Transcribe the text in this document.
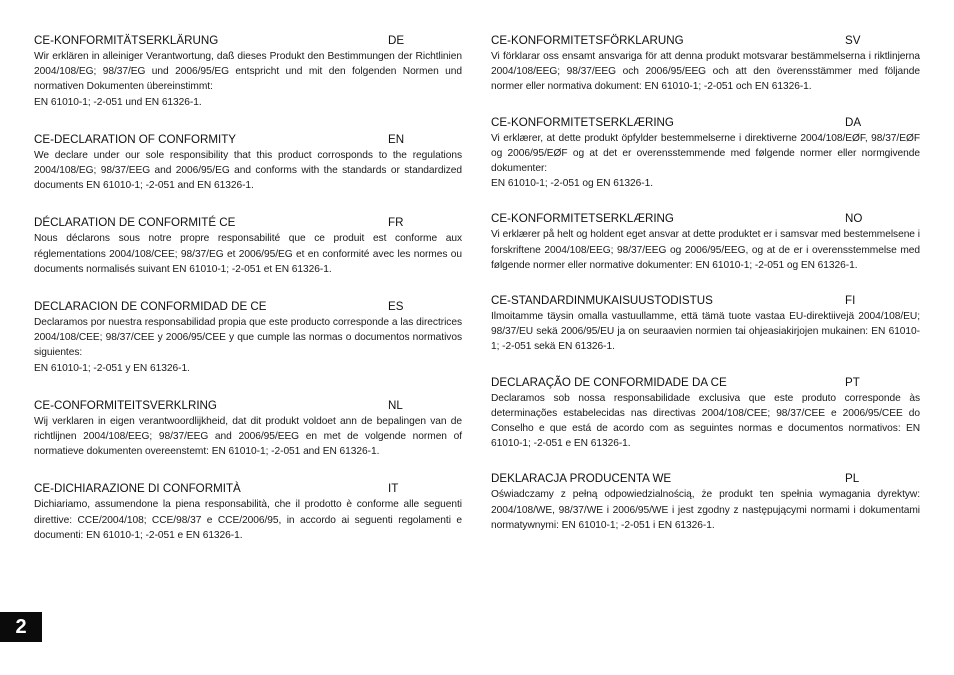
CE-KONFORMITÄTSERKLÄRUNG	DE

Wir erklären in alleiniger Verantwortung, daß dieses Produkt den Bestimmungen der Richtlinien 2004/108/EG; 98/37/EG und 2006/95/EG entspricht und mit den folgenden Normen und normativen Dokumenten übereinstimmt:
EN 61010-1; -2-051 und EN 61326-1.

CE-DECLARATION OF CONFORMITY	EN

We declare under our sole responsibility that this product corrosponds to the regulations 2004/108/EG; 98/37/EEG and 2006/95/EG and conforms with the standards or standardized documents EN 61010-1; -2-051 and EN 61326-1.

DÉCLARATION DE CONFORMITÉ CE	FR

Nous déclarons sous notre propre responsabilité que ce produit est conforme aux réglementations 2004/108/CEE; 98/37/EG et 2006/95/EG et en conformité avec les normes ou documents normalisés suivant EN 61010-1; -2-051 et EN 61326-1.

DECLARACION DE CONFORMIDAD DE CE	ES

Declaramos por nuestra responsabilidad propia que este producto corresponde a las directrices 2004/108/CEE; 98/37/CEE y 2006/95/CEE y que cumple las normas o documentos normativos siguientes:
EN 61010-1; -2-051 y EN 61326-1.

CE-CONFORMITEITSVERKLRING	NL

Wij verklaren in eigen verantwoordlijkheid, dat dit produkt voldoet ann de bepalingen van de richtlijnen 2004/108/EEG; 98/37/EEG and 2006/95/EEG en met de volgende normen of normatieve dokumenten overeenstemt: EN 61010-1; -2-051 and EN 61326-1.

CE-DICHIARAZIONE DI CONFORMITÀ	IT

Dichiariamo, assumendone la piena responsabilità, che il prodotto è conforme alle seguenti direttive: CCE/2004/108; CCE/98/37 e CCE/2006/95, in accordo ai seguenti regolamenti e documenti: EN 61010-1; -2-051 e EN 61326-1.

CE-KONFORMITETSFÖRKLARUNG	SV

Vi förklarar oss ensamt ansvariga för att denna produkt motsvarar bestämmelserna i riktlinjerna 2004/108/EEG; 98/37/EEG och 2006/95/EEG och att den överensstämmer med följande normer eller normativa dokument: EN 61010-1; -2-051 och EN 61326-1.

CE-KONFORMITETSERKLÆRING	DA

Vi erklærer, at dette produkt öpfylder bestemmelserne i direktiverne 2004/108/EØF, 98/37/EØF og 2006/95/EØF og at det er overensstemmende med følgende normer eller normgivende dokumenter:
EN 61010-1; -2-051 og EN 61326-1.

CE-KONFORMITETSERKLÆRING	NO

Vi erklærer på helt og holdent eget ansvar at dette produktet er i samsvar med bestemmelsene i forskriftene 2004/108/EEG; 98/37/EEG og 2006/95/EEG, og at de er i overensstemmelse med følgende normer eller normative dokumenter: EN 61010-1; -2-051 og EN 61326-1.

CE-STANDARDINMUKAISUUSTODISTUS	FI

Ilmoitamme täysin omalla vastuullamme, että tämä tuote vastaa EU-direktiivejä 2004/108/EU; 98/37/EU sekä 2006/95/EU ja on seuraavien normien tai ohjeasiakirjojen mukainen: EN 61010-1; -2-051 sekä EN 61326-1.

DECLARAÇÃO DE CONFORMIDADE DA CE	PT

Declaramos sob nossa responsabilidade exclusiva que este produto corresponde às determinações estabelecidas nas directivas 2004/108/CEE; 98/37/CEE e 2006/95/CEE do Conselho e que está de acordo com as seguintes normas e documentos normativos: EN 61010-1; -2-051 e EN 61326-1.

DEKLARACJA PRODUCENTA WE	PL

Oświadczamy z pełną odpowiedzialnością, że produkt ten spełnia wymagania dyrektyw: 2004/108/WE, 98/37/WE i 2006/95/WE i jest zgodny z następującymi normami i dokumentami normatywnymi: EN 61010-1; -2-051 i EN 61326-1.

2
